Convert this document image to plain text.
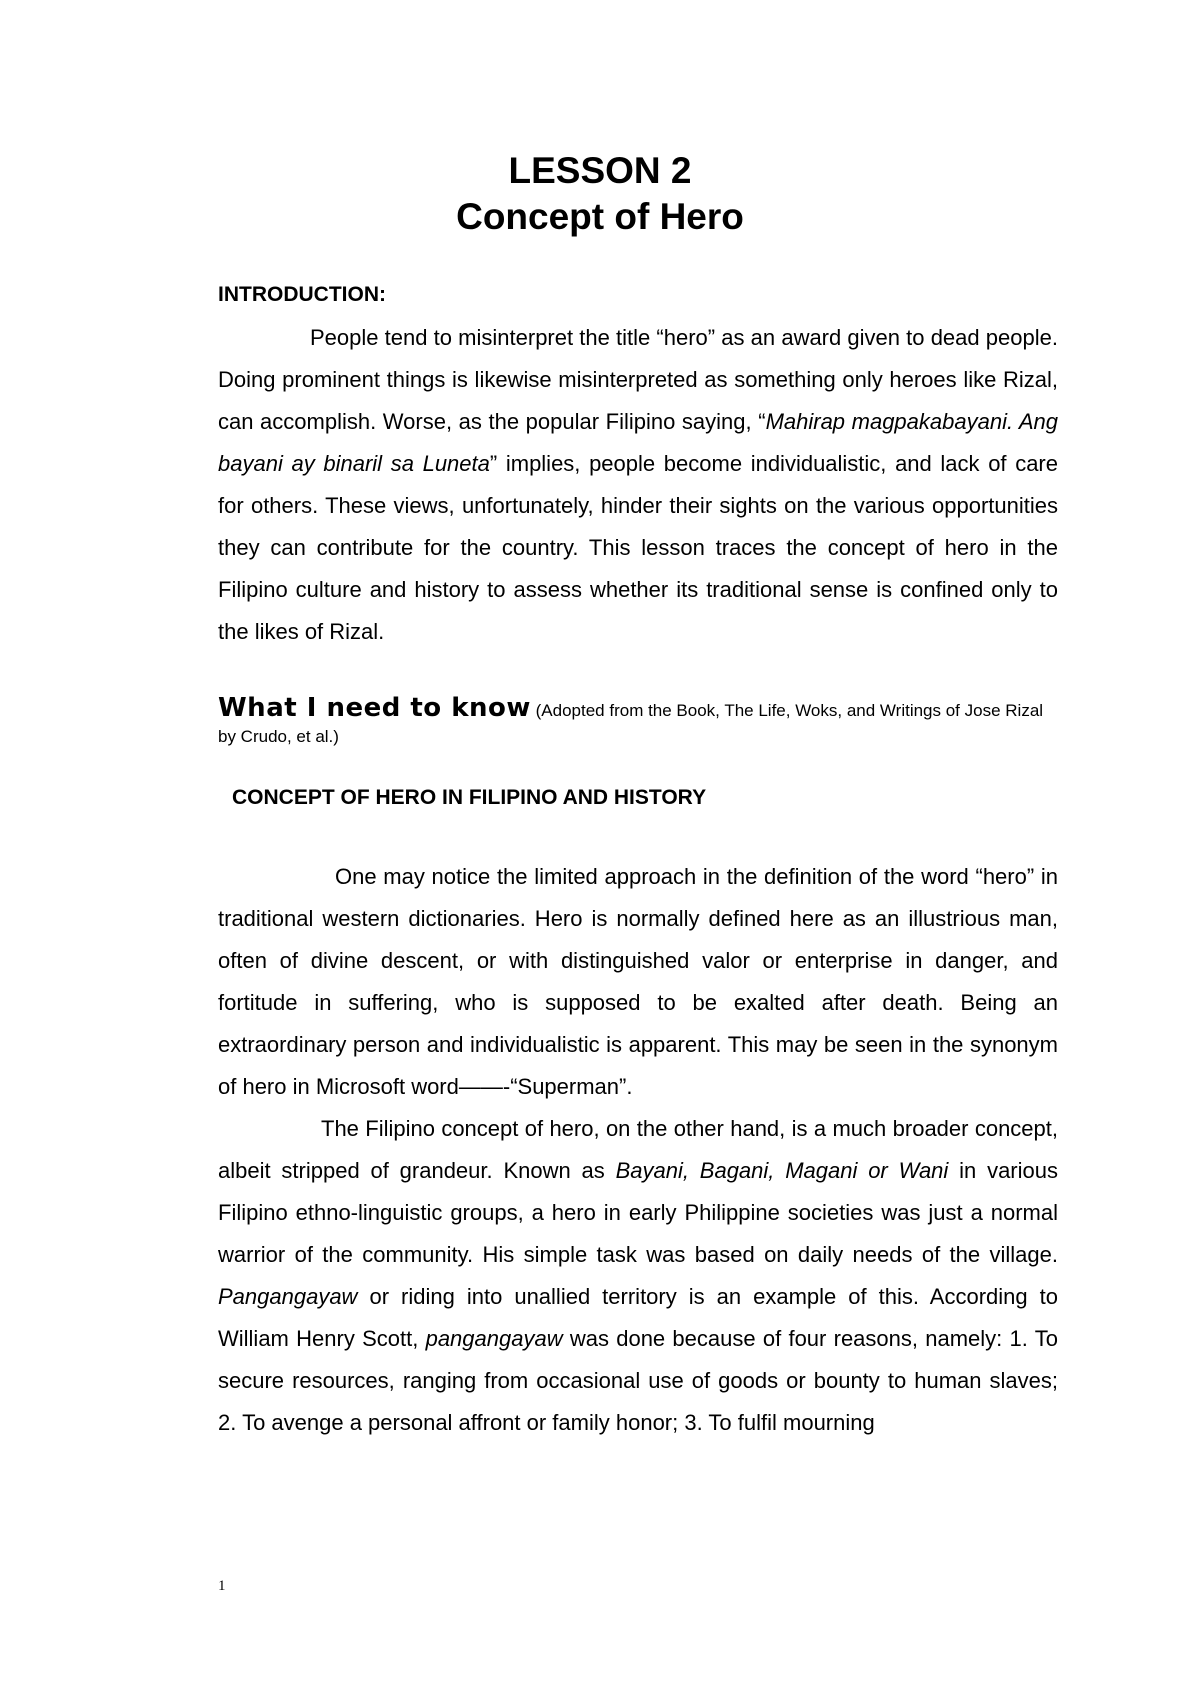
LESSON 2

Concept of Hero

INTRODUCTION:

People tend to misinterpret the title “hero” as an award given to dead people. Doing prominent things is likewise misinterpreted as something only heroes like Rizal, can accomplish. Worse, as the popular Filipino saying, “Mahirap magpakabayani. Ang bayani ay binaril sa Luneta” implies, people become individualistic, and lack of care for others. These views, unfortunately, hinder their sights on the various opportunities they can contribute for the country. This lesson traces the concept of hero in the Filipino culture and history to assess whether its traditional sense is confined only to the likes of Rizal.

What I need to know (Adopted from the Book, The Life, Woks, and Writings of Jose Rizal by Crudo, et al.)

CONCEPT OF HERO IN FILIPINO AND HISTORY

One may notice the limited approach in the definition of the word “hero” in traditional western dictionaries. Hero is normally defined here as an illustrious man, often of divine descent, or with distinguished valor or enterprise in danger, and fortitude in suffering, who is supposed to be exalted after death. Being an extraordinary person and individualistic is apparent. This may be seen in the synonym of hero in Microsoft word——-“Superman”.

The Filipino concept of hero, on the other hand, is a much broader concept, albeit stripped of grandeur. Known as Bayani, Bagani, Magani or Wani in various Filipino ethno-linguistic groups, a hero in early Philippine societies was just a normal warrior of the community. His simple task was based on daily needs of the village. Pangangayaw or riding into unallied territory is an example of this. According to William Henry Scott, pangangayaw was done because of four reasons, namely: 1. To secure resources, ranging from occasional use of goods or bounty to human slaves; 2. To avenge a personal affront or family honor; 3. To fulfil mourning

1
